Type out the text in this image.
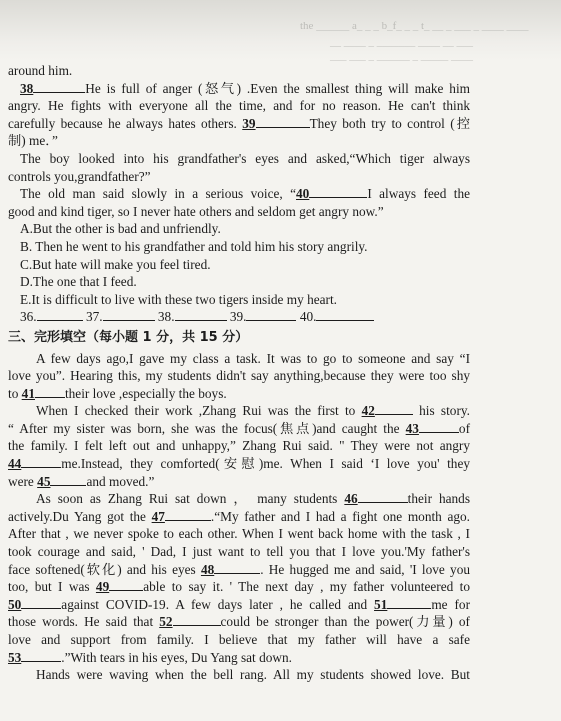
the ______ a_ _ _ b_f_ _ _ t_ __ _ ___ _ ____ ____
__ ____ _ _______ ____ __ ___
___ ___ _ ______ _ _____ ____
around him.
38	He is full of anger (怒气) .Even the smallest thing will make him
angry. He fights with everyone all the time, and for no reason. He can't think
carefully because he always hates others. 39	They both try to control (控
制) me．”
The boy looked into his grandfather's eyes and asked,“Which tiger always
controls you,grandfather?”
The old man said slowly in a serious voice, “40	I always feed the
good and kind tiger, so I never hate others and seldom get angry now.”
A.But the other is bad and unfriendly.
B. Then he went to his grandfather and told him his story angrily.
C.But hate will make you feel tired.
D.The one that I feed.
E.It is difficult to live with these two tigers inside my heart.
36.	37.	38.	39.	40.
三、完形填空（每小题 1 分，共 15 分）
A few days ago,I gave my class a task. It was to go to someone and say “I
love you”. Hearing this, my students didn't say anything,because they were too shy
to 41 their love ,especially the boys.
When I checked their work ,Zhang Rui was the first to 42	his story.
“ After my sister was born, she was the focus(焦点)and caught the 43	of
the family. I felt left out and unhappy,” Zhang Rui said. " They were not angry
44	me.Instead, they comforted(安慰)me. When I said ‘I love you' they
were 45	and moved.”
As soon as Zhang Rui sat down ， many students 46	their hands
actively.Du Yang got the 47	.“My father and I had a fight one month ago.
After that , we never spoke to each other. When I went back home with the task , I
took courage and said, ' Dad, I just want to tell you that I love you.'My father's
face softened(软化) and his eyes 48	. He hugged me and said, 'I love you
too, but I was 49	able to say it. ' The next day , my father volunteered to
50	against COVID-19. A few days later , he called and 51	me for
those words. He said that 52	could be stronger than the power(力量) of
love and support from family. I believe that my father will have a safe
53	.”With tears in his eyes, Du Yang sat down.
Hands were waving when the bell rang. All my students showed love. But
